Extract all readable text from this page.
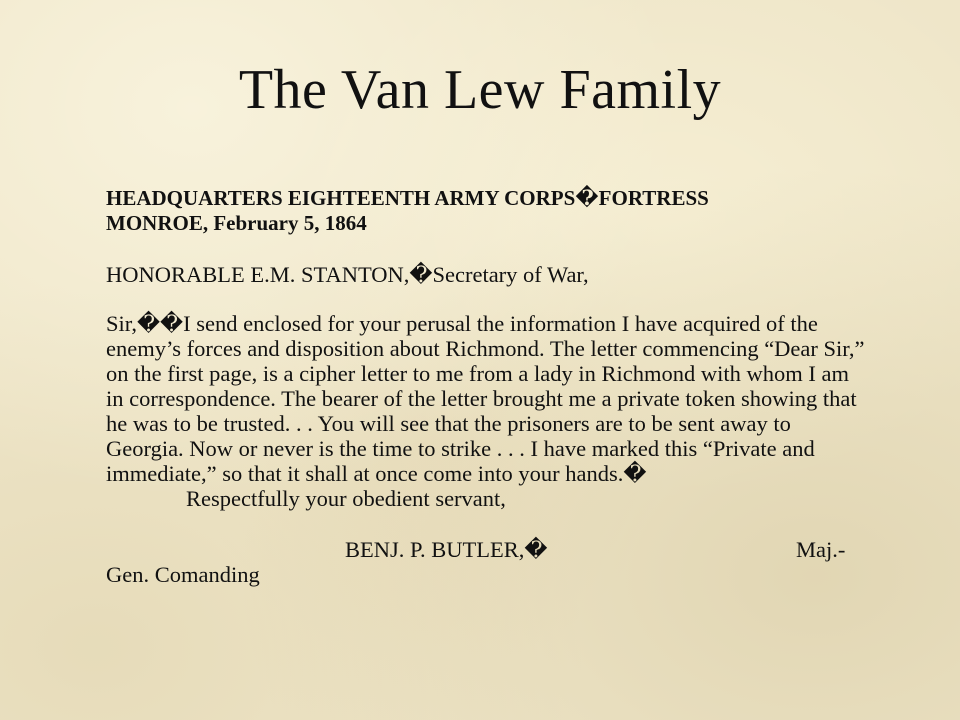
The Van Lew Family

HEADQUARTERS EIGHTEENTH ARMY CORPS�FORTRESS
MONROE, February 5, 1864

HONORABLE E.M. STANTON,�Secretary of War,

Sir,��I send enclosed for your perusal the information I have acquired of the enemy’s forces and disposition about Richmond. The letter commencing “Dear Sir,” on the first page, is a cipher letter to me from a lady in Richmond with whom I am in correspondence. The bearer of the letter brought me a private token showing that he was to be trusted. . . You will see that the prisoners are to be sent away to Georgia. Now or never is the time to strike . . . I have marked this “Private and immediate,” so that it shall at once come into your hands.�Respectfully your obedient servant,

BENJ. P. BUTLER,�	Maj.-

Gen. Comanding
